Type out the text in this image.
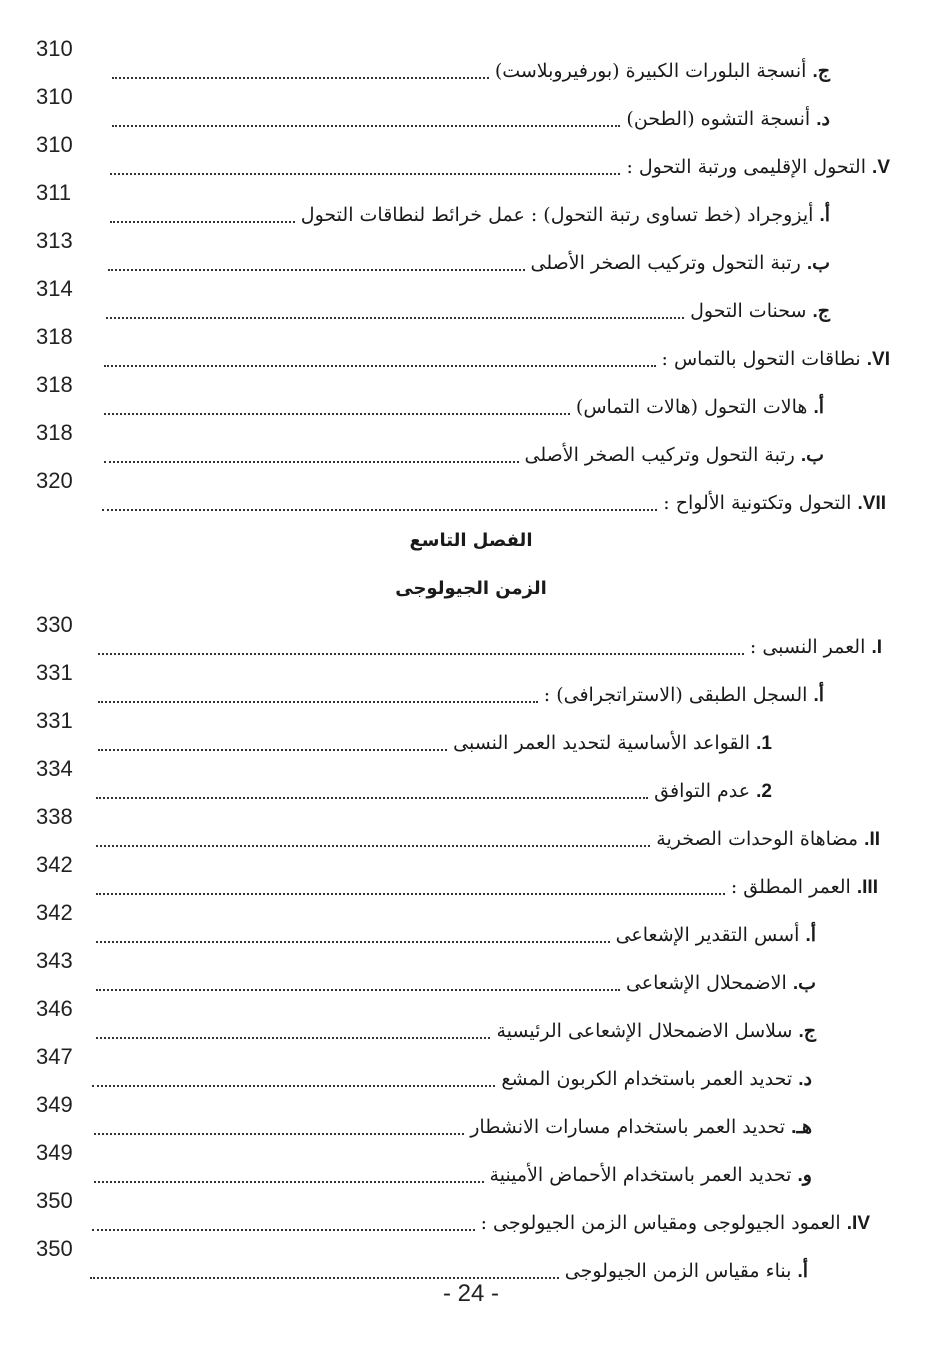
310
ج. أنسجة البلورات الكبيرة (بورفيروبلاست)
310
د. أنسجة التشوه (الطحن)
310
V. التحول الإقليمى ورتبة التحول :
311
أ. أيزوجراد (خط تساوى رتبة التحول) : عمل خرائط لنطاقات التحول
313
ب. رتبة التحول وتركيب الصخر الأصلى
314
ج. سحنات التحول
318
VI. نطاقات التحول بالتماس :
318
أ. هالات التحول (هالات التماس)
318
ب. رتبة التحول وتركيب الصخر الأصلى
320
VII. التحول وتكتونية الألواح :
الفصل التاسع
الزمن الجيولوجى
330
I. العمر النسبى :
331
أ. السجل الطبقى (الاستراتجرافى) :
331
1. القواعد الأساسية لتحديد العمر النسبى
334
2. عدم التوافق
338
II. مضاهاة الوحدات الصخرية
342
III. العمر المطلق :
342
أ. أسس التقدير الإشعاعى
343
ب. الاضمحلال الإشعاعى
346
ج. سلاسل الاضمحلال الإشعاعى الرئيسية
347
د. تحديد العمر باستخدام الكربون المشع
349
هـ. تحديد العمر باستخدام مسارات الانشطار
349
و. تحديد العمر باستخدام الأحماض الأمينية
350
IV. العمود الجيولوجى ومقياس الزمن الجيولوجى :
350
أ. بناء مقياس الزمن الجيولوجى
- 24 -
